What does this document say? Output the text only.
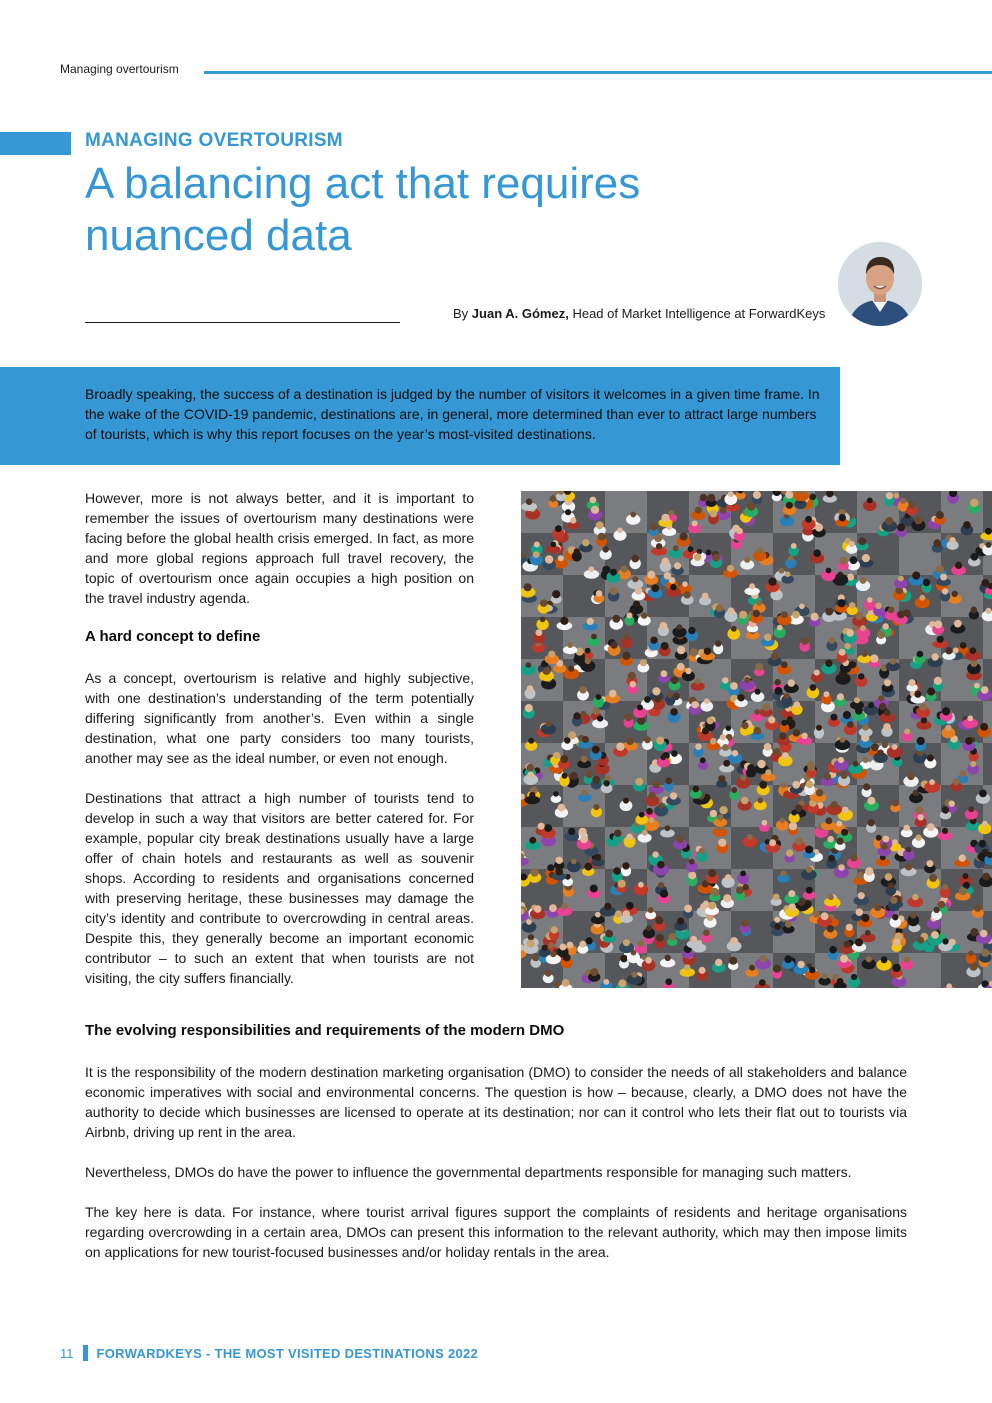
Managing overtourism
MANAGING OVERTOURISM
A balancing act that requires nuanced data
By Juan A. Gómez, Head of Market Intelligence at ForwardKeys

Broadly speaking, the success of a destination is judged by the number of visitors it welcomes in a given time frame. In the wake of the COVID-19 pandemic, destinations are, in general, more determined than ever to attract large numbers of tourists, which is why this report focuses on the year’s most-visited destinations.

However, more is not always better, and it is important to remember the issues of overtourism many destinations were facing before the global health crisis emerged. In fact, as more and more global regions approach full travel recovery, the topic of overtourism once again occupies a high position on the travel industry agenda.

A hard concept to define

As a concept, overtourism is relative and highly subjective, with one destination’s understanding of the term potentially differing significantly from another’s. Even within a single destination, what one party considers too many tourists, another may see as the ideal number, or even not enough.

Destinations that attract a high number of tourists tend to develop in such a way that visitors are better catered for. For example, popular city break destinations usually have a large offer of chain hotels and restaurants as well as souvenir shops. According to residents and organisations concerned with preserving heritage, these businesses may damage the city’s identity and contribute to overcrowding in central areas. Despite this, they generally become an important economic contributor – to such an extent that when tourists are not visiting, the city suffers financially.

The evolving responsibilities and requirements of the modern DMO

It is the responsibility of the modern destination marketing organisation (DMO) to consider the needs of all stakeholders and balance economic imperatives with social and environmental concerns. The question is how – because, clearly, a DMO does not have the authority to decide which businesses are licensed to operate at its destination; nor can it control who lets their flat out to tourists via Airbnb, driving up rent in the area.

Nevertheless, DMOs do have the power to influence the governmental departments responsible for managing such matters.

The key here is data. For instance, where tourist arrival figures support the complaints of residents and heritage organisations regarding overcrowding in a certain area, DMOs can present this information to the relevant authority, which may then impose limits on applications for new tourist-focused businesses and/or holiday rentals in the area.

11 FORWARDKEYS - THE MOST VISITED DESTINATIONS 2022
